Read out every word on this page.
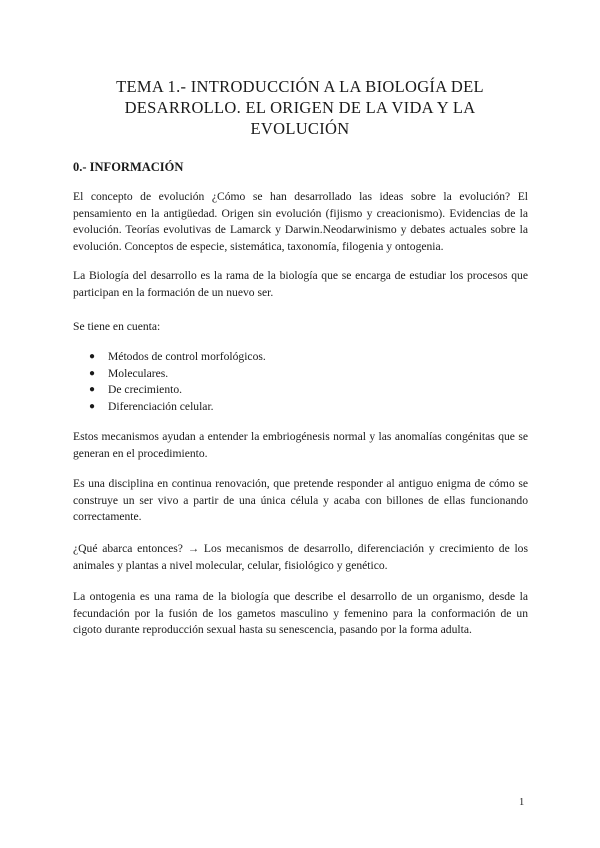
TEMA 1.- INTRODUCCIÓN A LA BIOLOGÍA DEL
DESARROLLO. EL ORIGEN DE LA VIDA Y LA
EVOLUCIÓN
0.- INFORMACIÓN

El concepto de evolución ¿Cómo se han desarrollado las ideas sobre la evolución? El pensamiento en la antigüedad. Origen sin evolución (fijismo y creacionismo). Evidencias de la evolución. Teorías evolutivas de Lamarck y Darwin.Neodarwinismo y debates actuales sobre la evolución. Conceptos de especie, sistemática, taxonomía, filogenia y ontogenia.

La Biología del desarrollo es la rama de la biología que se encarga de estudiar los procesos que participan en la formación de un nuevo ser.

Se tiene en cuenta:

● Métodos de control morfológicos.
● Moleculares.
● De crecimiento.
● Diferenciación celular.

Estos mecanismos ayudan a entender la embriogénesis normal y las anomalías congénitas que se generan en el procedimiento.

Es una disciplina en continua renovación, que pretende responder al antiguo enigma de cómo se construye un ser vivo a partir de una única célula y acaba con billones de ellas funcionando correctamente.

¿Qué abarca entonces? → Los mecanismos de desarrollo, diferenciación y crecimiento de los animales y plantas a nivel molecular, celular, fisiológico y genético.

La ontogenia es una rama de la biología que describe el desarrollo de un organismo, desde la fecundación por la fusión de los gametos masculino y femenino para la conformación de un cigoto durante reproducción sexual hasta su senescencia, pasando por la forma adulta.

1
